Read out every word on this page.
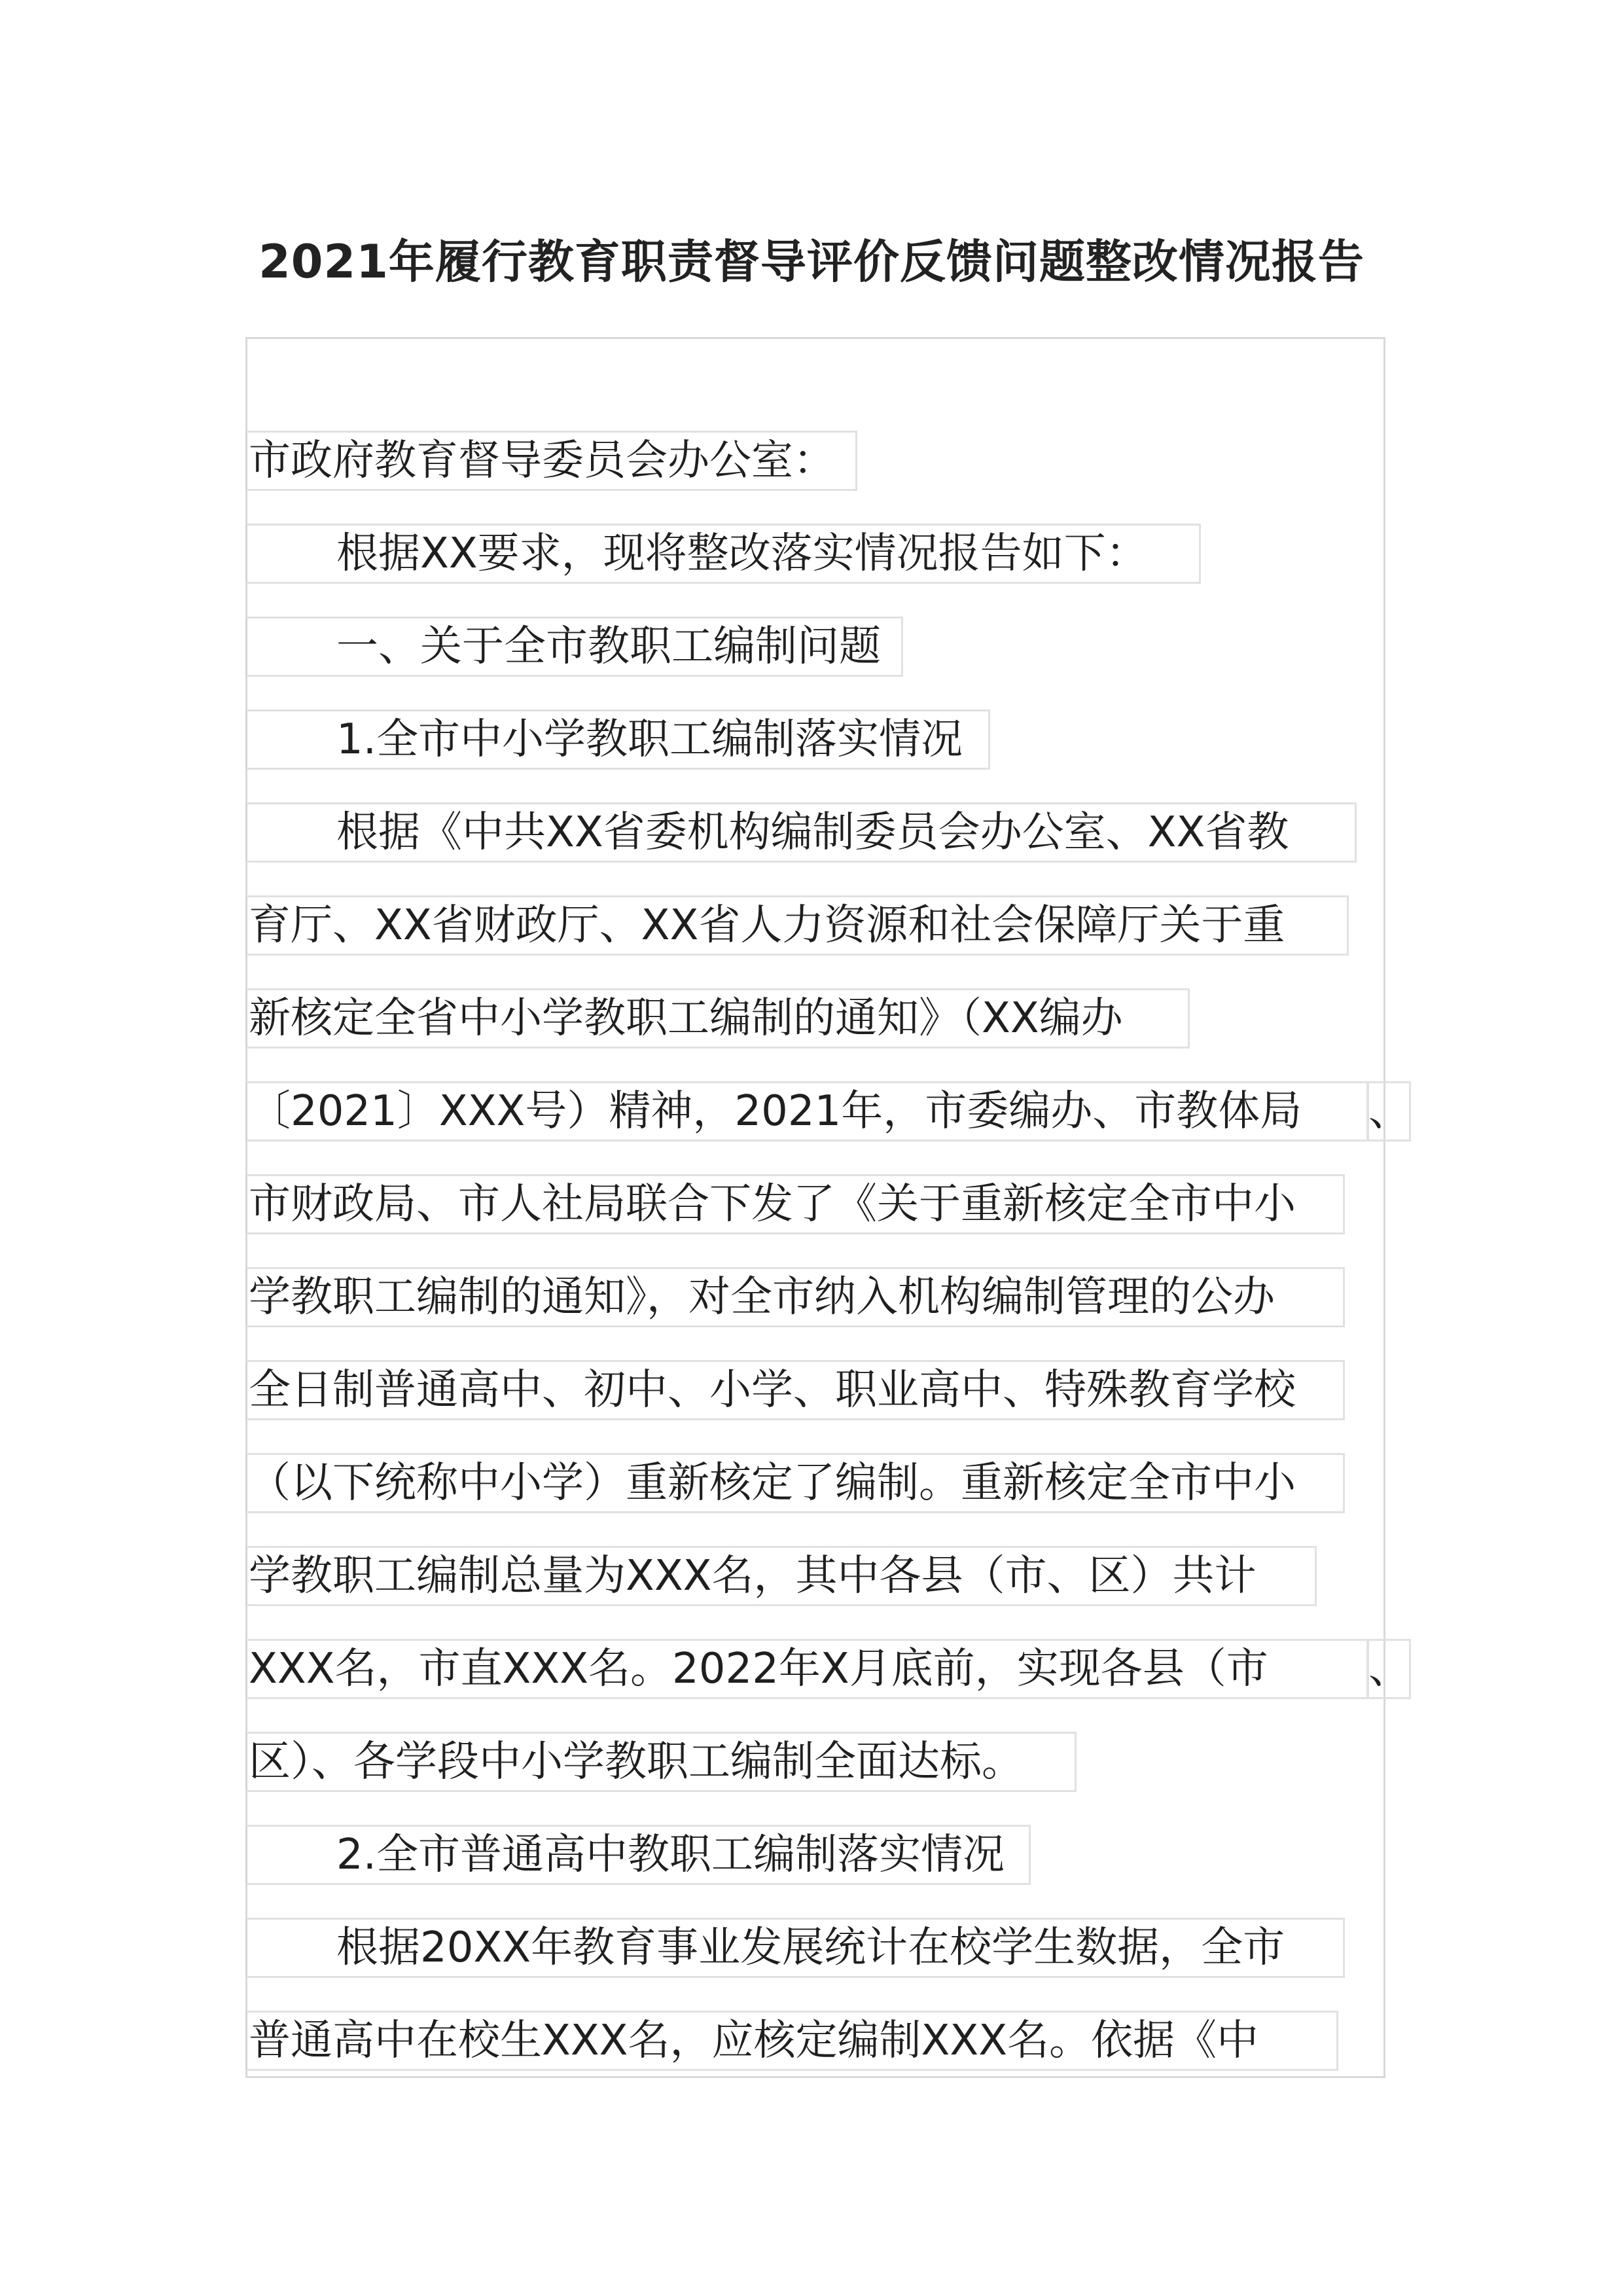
2021年履行教育职责督导评价反馈问题整改情况报告
市政府教育督导委员会办公室：
根据XX要求，现将整改落实情况报告如下：
一、关于全市教职工编制问题
1.全市中小学教职工编制落实情况
根据《中共XX省委机构编制委员会办公室、XX省教
育厅、XX省财政厅、XX省人力资源和社会保障厅关于重
新核定全省中小学教职工编制的通知》（XX编办
〔2021〕XXX号）精神，2021年，市委编办、市教体局	、
市财政局、市人社局联合下发了《关于重新核定全市中小
学教职工编制的通知》，对全市纳入机构编制管理的公办
全日制普通高中、初中、小学、职业高中、特殊教育学校
（以下统称中小学）重新核定了编制。重新核定全市中小
学教职工编制总量为XXX名，其中各县（市、区）共计
XXX名，市直XXX名。2022年X月底前，实现各县（市	、
区）、各学段中小学教职工编制全面达标。
2.全市普通高中教职工编制落实情况
根据20XX年教育事业发展统计在校学生数据，全市
普通高中在校生XXX名，应核定编制XXX名。依据《中
